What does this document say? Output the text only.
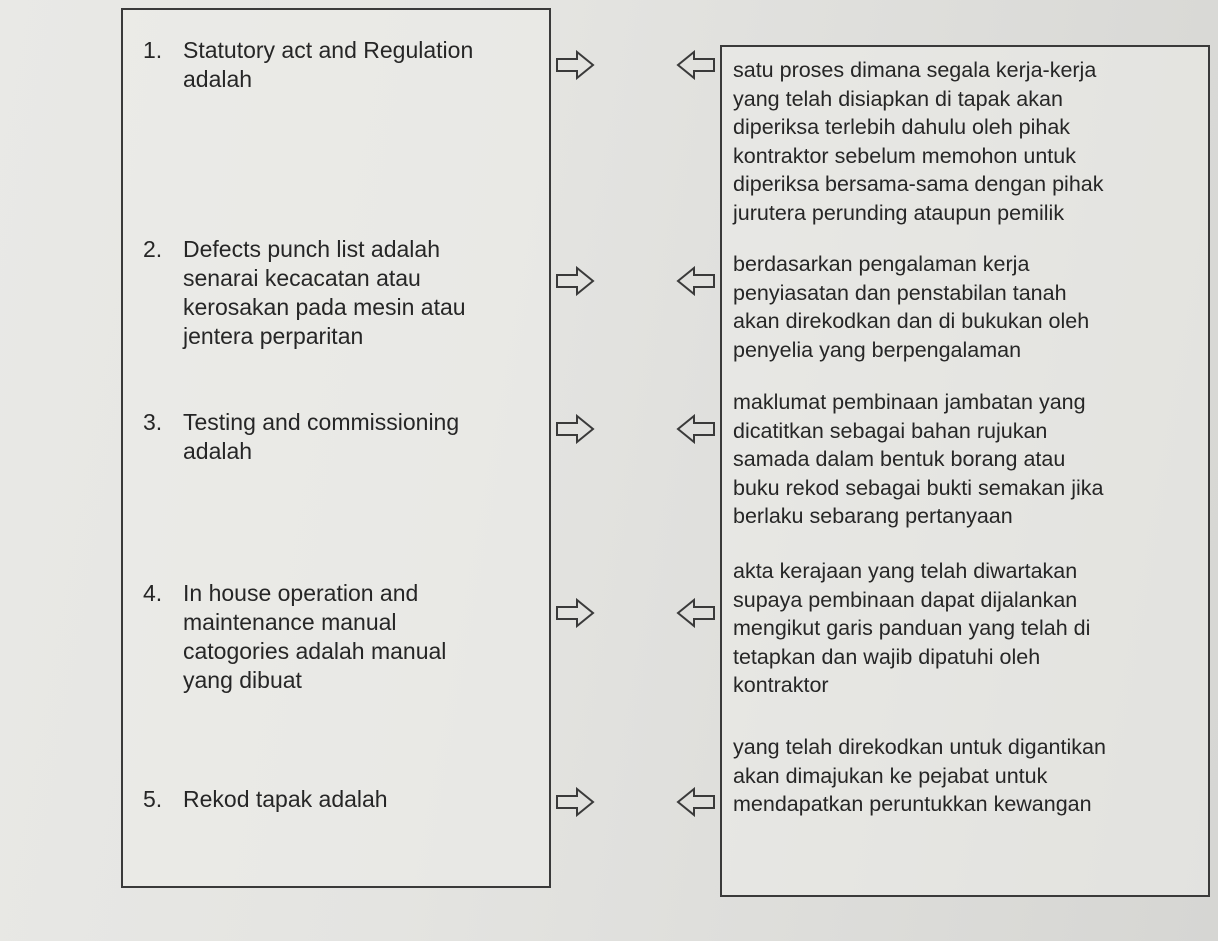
1. Statutory act and Regulation
adalah
2. Defects punch list adalah
senarai kecacatan atau
kerosakan pada mesin atau
jentera perparitan
3. Testing and commissioning
adalah
4. In house operation and
maintenance manual
catogories adalah manual
yang dibuat
5. Rekod tapak adalah
satu proses dimana segala kerja-kerja
yang telah disiapkan di tapak akan
diperiksa terlebih dahulu oleh pihak
kontraktor sebelum memohon untuk
diperiksa bersama-sama dengan pihak
jurutera perunding ataupun pemilik
berdasarkan pengalaman kerja
penyiasatan dan penstabilan tanah
akan direkodkan dan di bukukan oleh
penyelia yang berpengalaman
maklumat pembinaan jambatan yang
dicatitkan sebagai bahan rujukan
samada dalam bentuk borang atau
buku rekod sebagai bukti semakan jika
berlaku sebarang pertanyaan
akta kerajaan yang telah diwartakan
supaya pembinaan dapat dijalankan
mengikut garis panduan yang telah di
tetapkan dan wajib dipatuhi oleh
kontraktor
yang telah direkodkan untuk digantikan
akan dimajukan ke pejabat untuk
mendapatkan peruntukkan kewangan
